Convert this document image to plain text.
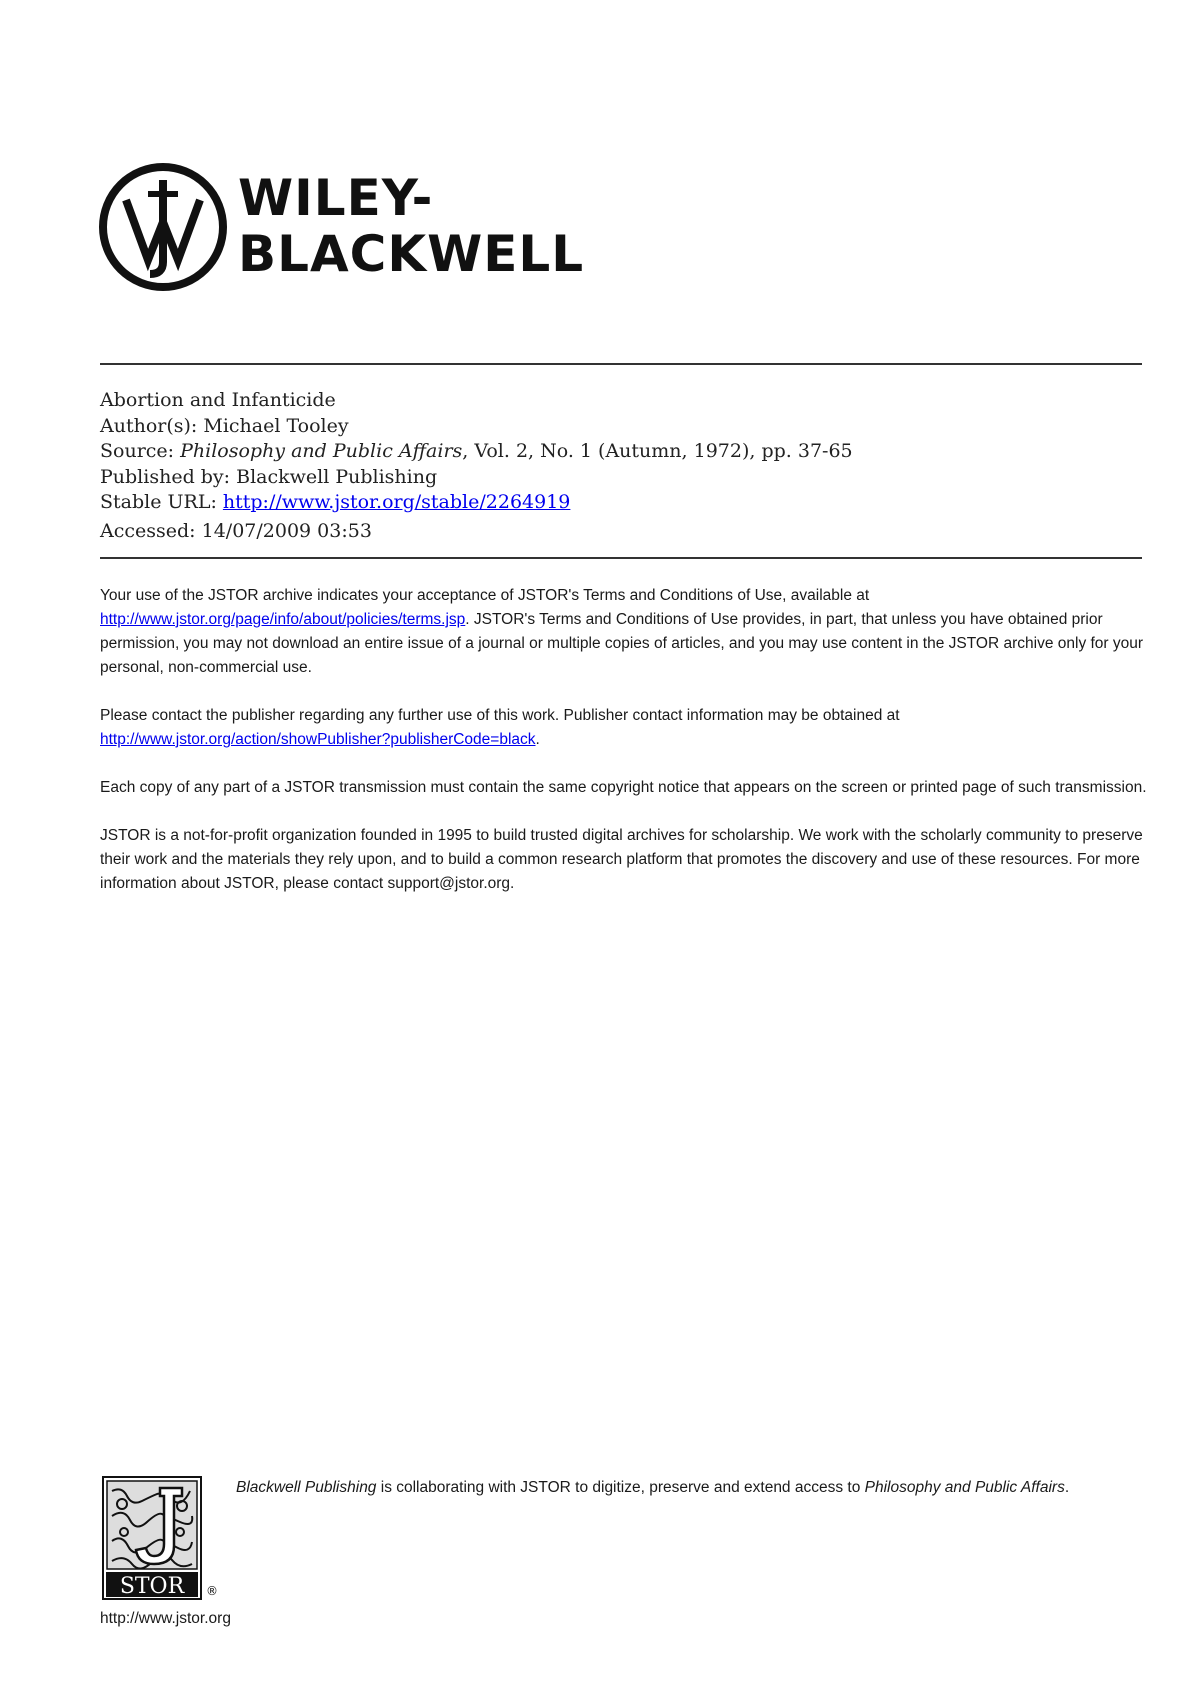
WILEY-
BLACKWELL
Abortion and Infanticide
Author(s): Michael Tooley
Source: Philosophy and Public Affairs, Vol. 2, No. 1 (Autumn, 1972), pp. 37-65
Published by: Blackwell Publishing
Stable URL: http://www.jstor.org/stable/2264919
Accessed: 14/07/2009 03:53

Your use of the JSTOR archive indicates your acceptance of JSTOR's Terms and Conditions of Use, available at http://www.jstor.org/page/info/about/policies/terms.jsp. JSTOR's Terms and Conditions of Use provides, in part, that unless you have obtained prior permission, you may not download an entire issue of a journal or multiple copies of articles, and you may use content in the JSTOR archive only for your personal, non-commercial use.

Please contact the publisher regarding any further use of this work. Publisher contact information may be obtained at http://www.jstor.org/action/showPublisher?publisherCode=black.

Each copy of any part of a JSTOR transmission must contain the same copyright notice that appears on the screen or printed page of such transmission.

JSTOR is a not-for-profit organization founded in 1995 to build trusted digital archives for scholarship. We work with the scholarly community to preserve their work and the materials they rely upon, and to build a common research platform that promotes the discovery and use of these resources. For more information about JSTOR, please contact support@jstor.org.

STOR ®
Blackwell Publishing is collaborating with JSTOR to digitize, preserve and extend access to Philosophy and Public Affairs.
http://www.jstor.org
